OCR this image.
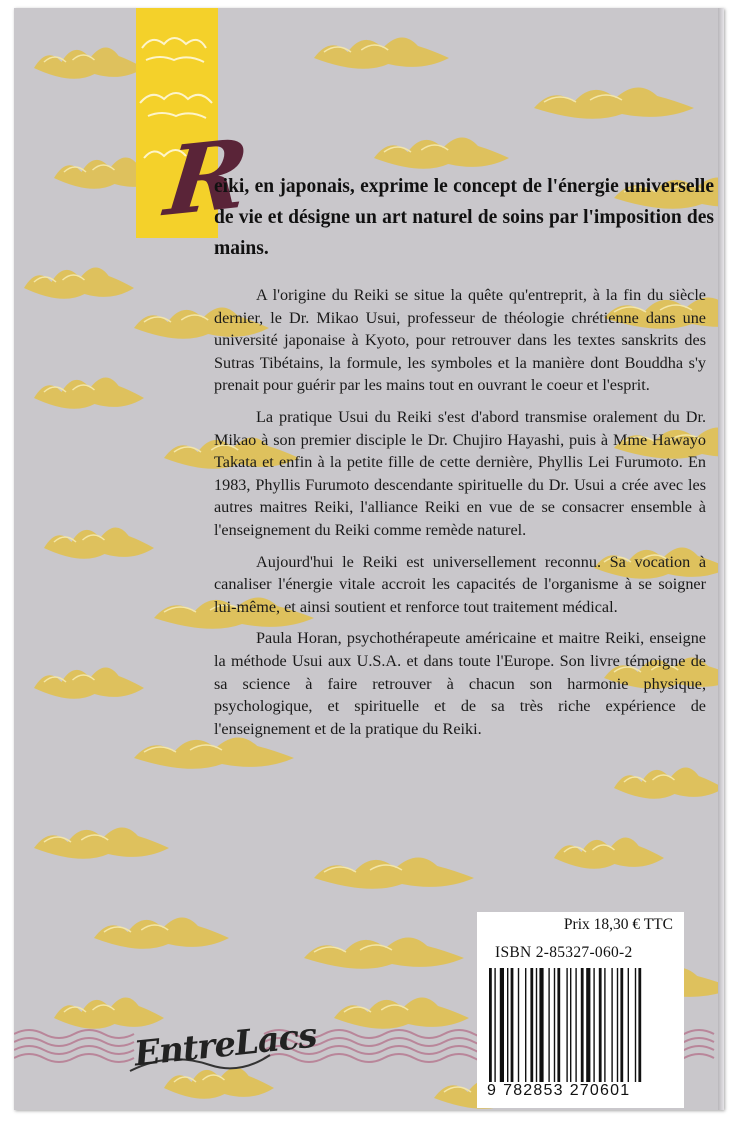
R

eiki, en japonais, exprime le concept de l'énergie universelle de vie et désigne un art naturel de soins par l'imposition des mains.

A l'origine du Reiki se situe la quête qu'entreprit, à la fin du siècle dernier, le Dr. Mikao Usui, professeur de théologie chrétienne dans une université japonaise à Kyoto, pour retrouver dans les textes sanskrits des Sutras Tibétains, la formule, les symboles et la manière dont Bouddha s'y prenait pour guérir par les mains tout en ouvrant le coeur et l'esprit.

La pratique Usui du Reiki s'est d'abord transmise oralement du Dr. Mikao à son premier disciple le Dr. Chujiro Hayashi, puis à Mme Hawayo Takata et enfin à la petite fille de cette dernière, Phyllis Lei Furumoto. En 1983, Phyllis Furumoto descendante spirituelle du Dr. Usui a crée avec les autres maitres Reiki, l'alliance Reiki en vue de se consacrer ensemble à l'enseignement du Reiki comme remède naturel.

Aujourd'hui le Reiki est universellement reconnu. Sa vocation à canaliser l'énergie vitale accroit les capacités de l'organisme à se soigner lui-même, et ainsi soutient et renforce tout traitement médical.

Paula Horan, psychothérapeute américaine et maitre Reiki, enseigne la méthode Usui aux U.S.A. et dans toute l'Europe. Son livre témoigne de sa science à faire retrouver à chacun son harmonie physique, psychologique, et spirituelle et de sa très riche expérience de l'enseignement et de la pratique du Reiki.

EntreLacs
Prix 18,30 € TTC
ISBN 2-85327-060-2
9 782853 270601
